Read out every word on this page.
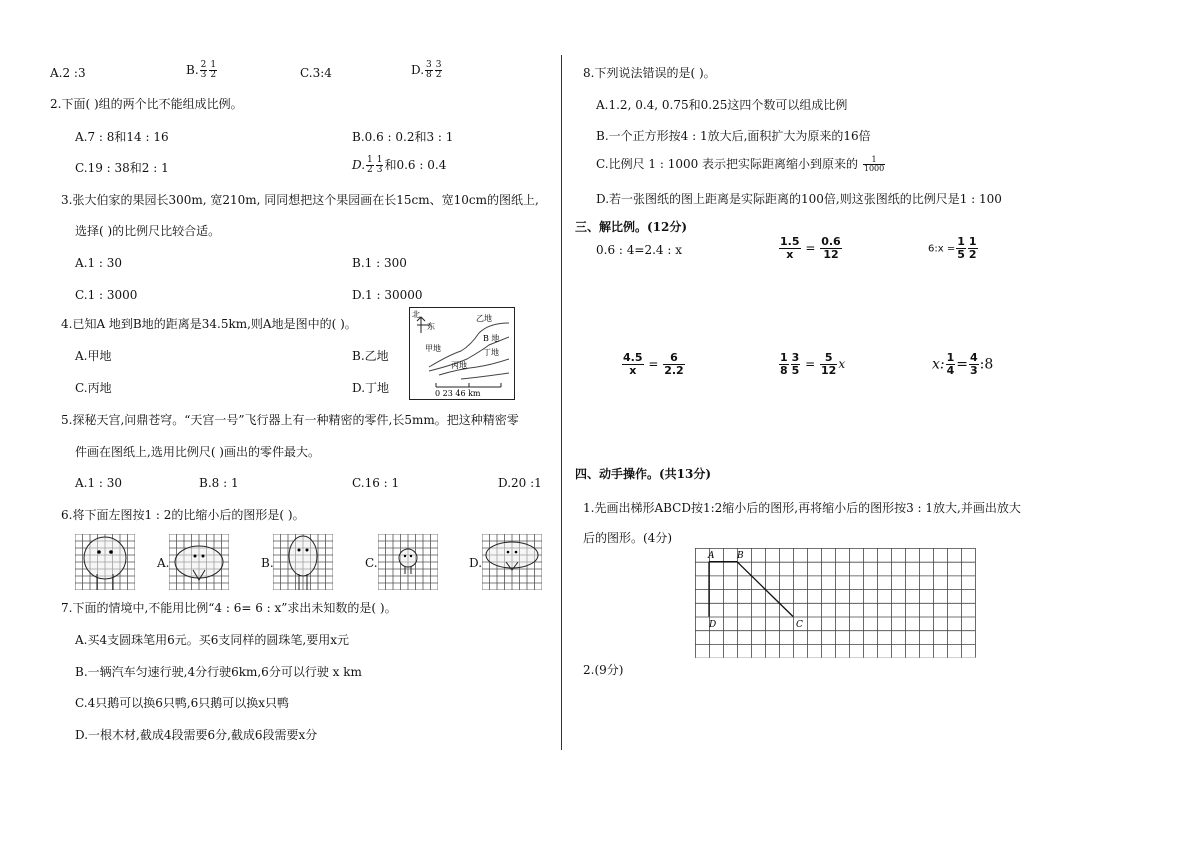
A.2 :3	B. $\frac{2}{3} \frac{1}{2}$	C.3:4	D. $\frac{3}{8} \frac{3}{2}$
2.下面( )组的两个比不能组成比例。
A.7 : 8和14 : 16	B.0.6 : 0.2和3 : 1
C.19 : 38和2 : 1	D. $\frac{1}{2} \frac{1}{3}$ 和0.6 : 0.4
3.张大伯家的果园长300m, 宽210m, 同同想把这个果园画在长15cm、宽10cm的图纸上,
选择( )的比例尺比较合适。
A.1 : 30	B.1 : 300
C.1 : 3000	D.1 : 30000
4.已知A 地到B地的距离是34.5km,则A地是图中的( )。
A.甲地	B.乙地
C.丙地	D.丁地
北
东
乙地
B 地
甲地	丁地
丙地
0 23 46 km
5.探秘天宫,问鼎苍穹。“天宫一号”飞行器上有一种精密的零件,长5mm。把这种精密零
件画在图纸上,选用比例尺( )画出的零件最大。
A.1 : 30	B.8 : 1	C.16 : 1	D.20 :1
6.将下面左图按1 : 2的比缩小后的图形是( )。
A.	B.	C.	D.
7.下面的情境中,不能用比例“4 : 6= 6 : x”求出未知数的是( )。
A.买4支圆珠笔用6元。买6支同样的圆珠笔,要用x元
B.一辆汽车匀速行驶,4分行驶6km,6分可以行驶 x km
C.4只鹅可以换6只鸭,6只鹅可以换x只鸭
D.一根木材,截成4段需要6分,截成6段需要x分
8.下列说法错误的是( )。
A.1.2, 0.4, 0.75和0.25这四个数可以组成比例
B.一个正方形按4 : 1放大后,面积扩大为原来的16倍
C.比例尺 1 : 1000 表示把实际距离缩小到原来的 $\frac{1}{1000}$
D.若一张图纸的图上距离是实际距离的100倍,则这张图纸的比例尺是1 : 100
三、解比例。(12分)
0.6 : 4=2.4 : x	$\frac{1.5}{x} = \frac{0.6}{12}$	6:x = $\frac{1}{5} \frac{1}{2}$
$\frac{4.5}{x} = \frac{6}{2.2}$	$\frac{1}{8} \frac{3}{5} = \frac{5}{12}$ x	x: $\frac{1}{4} = \frac{4}{3}$ :8
四、动手操作。(共13分)
1.先画出梯形ABCD按1:2缩小后的图形,再将缩小后的图形按3 : 1放大,并画出放大
后的图形。(4分)
A	B
C
D
2.(9分)
